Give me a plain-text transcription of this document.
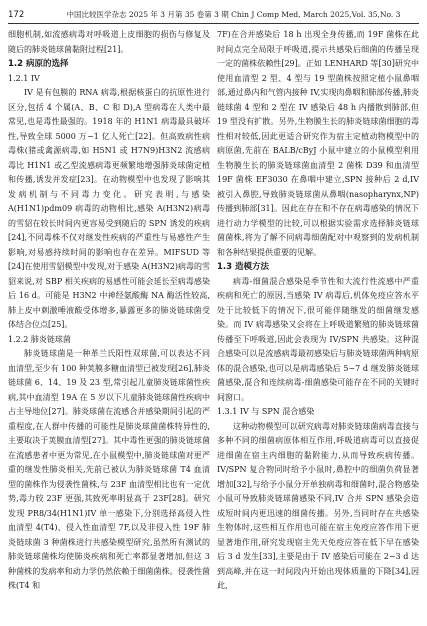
172	中国比较医学杂志 2025 年 3 月第 35 卷第 3 期 Chin J Comp Med, March 2025,Vol. 35,No. 3

细胞机制,如流感病毒对呼吸道上皮细胞的损伤与修复及随后的肺炎链球菌黏附过程[21]。

1.2 病原的选择
1.2.1 IV

IV 是有包膜的 RNA 病毒,根据核蛋白的抗原性进行区分,包括 4 个属(A、B、C 和 D),A 型病毒在人类中最常见,也是毒性最强的。1918 年的 H1N1 病毒最具破坏性,导致全球 5000 万~1 亿人死亡[22]。但高致病性病毒株(猪或禽源病毒,如 H5N1 或 H7N9)H3N2 流感病毒比 H1N1 或乙型流感病毒更频繁地增强肺炎球菌定植和传播,诱发并发症[23]。在动物模型中也发现了影响其发病机制与不同毒力变化。研究表明,与感染 A(H1N1)pdm09 病毒的动物相比,感染 A(H3N2)病毒的雪貂在较长时间内更容易受到随后的 SPN 诱发的疾病[24],不同毒株不仅对继发性疾病的严重性与易感性产生影响,对易感持续时间的影响也存在差异。MIFSUD 等[24]在使用雪貂模型中发现,对于感染 A(H3N2)病毒的雪貂来说,对 SBP 相关疾病的易感性可能会延长至病毒感染后 16 d。可能是 H3N2 中神经氨酸酶 NA 酶活性较高,肺上皮中刺激唾液酸受体增多,暴露更多的肺炎链球菌受体结合位点[25]。

1.2.2 肺炎链球菌

肺炎链球菌是一种革兰氏阳性双球菌,可以表达不同血清型,至少有 100 种荚膜多糖血清型已被发现[26],肺炎链球菌 6、14、19 及 23 型,常引起儿童肺炎链球菌性疾病,其中血清型 19A 在 5 岁以下儿童肺炎链球菌性疾病中占主导地位[27]。肺炎球菌在流感合并感染期间引起的严重程度,在人群中传播的可能性是肺炎球菌菌株特异性的,主要取决于荚膜血清型[27]。其中毒性更强的肺炎链球菌在流感患者中更为常见,在小鼠模型中,肺炎链球菌对更严重的继发性肺炎相关,先前已被认为肺炎链球菌 T4 血清型的菌株作为侵袭性菌株,与 23F 血清型相比也有一定优势,毒力较 23F 更强,其致死率明显高于 23F[28]。研究发现 PR8/34(H1N1)IV 单一感染下,分别选择高侵入性血清型 4(T4)、侵入性血清型 7F,以及非侵入性 19F 肺炎链球菌 3 种菌株进行共感染模型研究,虽然所有测试的肺炎链球菌株均使肺炎疾病和死亡率都显著增加,但这 3 种菌株的发病率和动力学仍然依赖于细菌菌株。侵袭性菌株(T4 和

7F)在合并感染后 18 h 出现全身传播,而 19F 菌株在此时间点完全局限于呼吸道,提示共感染后细菌的传播呈现一定的菌株依赖性[29]。正如 LENHARD 等[30]研究中使用血清型 2 型、4 型与 19 型菌株按照定植小鼠鼻咽部,通过鼻内和气管内接种 IV,实现肉鼻咽和肺部传播,肺炎链球菌 4 型和 2 型在 IV 感染后 48 h 内播散到肺部,但 19 型没有扩散。另外,生物膜生长的肺炎链球菌细胞的毒性相对较低,因此更适合研究作为宿主定植动物模型中的病原菌,先前在 BALB/cByJ 小鼠中建立的小鼠模型利用生物膜生长的肺炎链球菌血清型 2 菌株 D39 和血清型 19F 菌株 EF3030 在鼻咽中建立,SPN 接种后 2 d,IV 被引入鼻腔,导致肺炎链球菌从鼻咽(nasopharynx,NP)传播到肺部[31]。因此在存在和不存在病毒感染的情况下进行动力学模型的比较,可以根据实验需求选择肺炎链球菌菌株,将为了解不同病毒细菌配对中观察到的发病机制和各种结果提供重要的见解。

1.3 造模方法

病毒-细菌混合感染是季节性和大流行性流感中严重疾病和死亡的原因,当感染 IV 病毒后,机体免疫应答水平处于比较低下的情况下,很可能伴随继发的细菌继发感染。而 IV 病毒感染又会将在上呼吸道繁殖的肺炎链球菌传播至下呼吸道,因此会表现为 IV/SPN 共感染。这种混合感染可以是流感病毒最初感染后与肺炎链球菌两种病原体的混合感染,也可以是病毒感染后 5~7 d 继发肺炎链球菌感染,混合和连续病毒-细菌感染可能存在不同的关键时间窗口。

1.3.1 IV 与 SPN 混合感染

这种动物模型可以研究病毒对肺炎链球菌病毒直接与多种不同的细菌病原体相互作用,呼吸道病毒可以直接促进细菌在宿主内细胞的黏附能力,从而导致疾病传播。IV/SPN 复合物同时给予小鼠时,鼻腔中的细菌负荷显著增加[32],与给予小鼠分开单独病毒和细菌时,混合物感染小鼠可导致肺炎链球菌感染不同,IV 合并 SPN 感染会造成短时间内更迅速的细菌传播。另外,当同时存在共感染生物体时,这些相互作用也可能在宿主免疫应答作用下更显著地作用,研究发现宿主先天免疫应答在低下早在感染后 3 d 发生[33],主要是由于 IV 感染后可能在 2~3 d 达到高峰,并在这一时间段内开始出现体质量的下降[34],因此,
